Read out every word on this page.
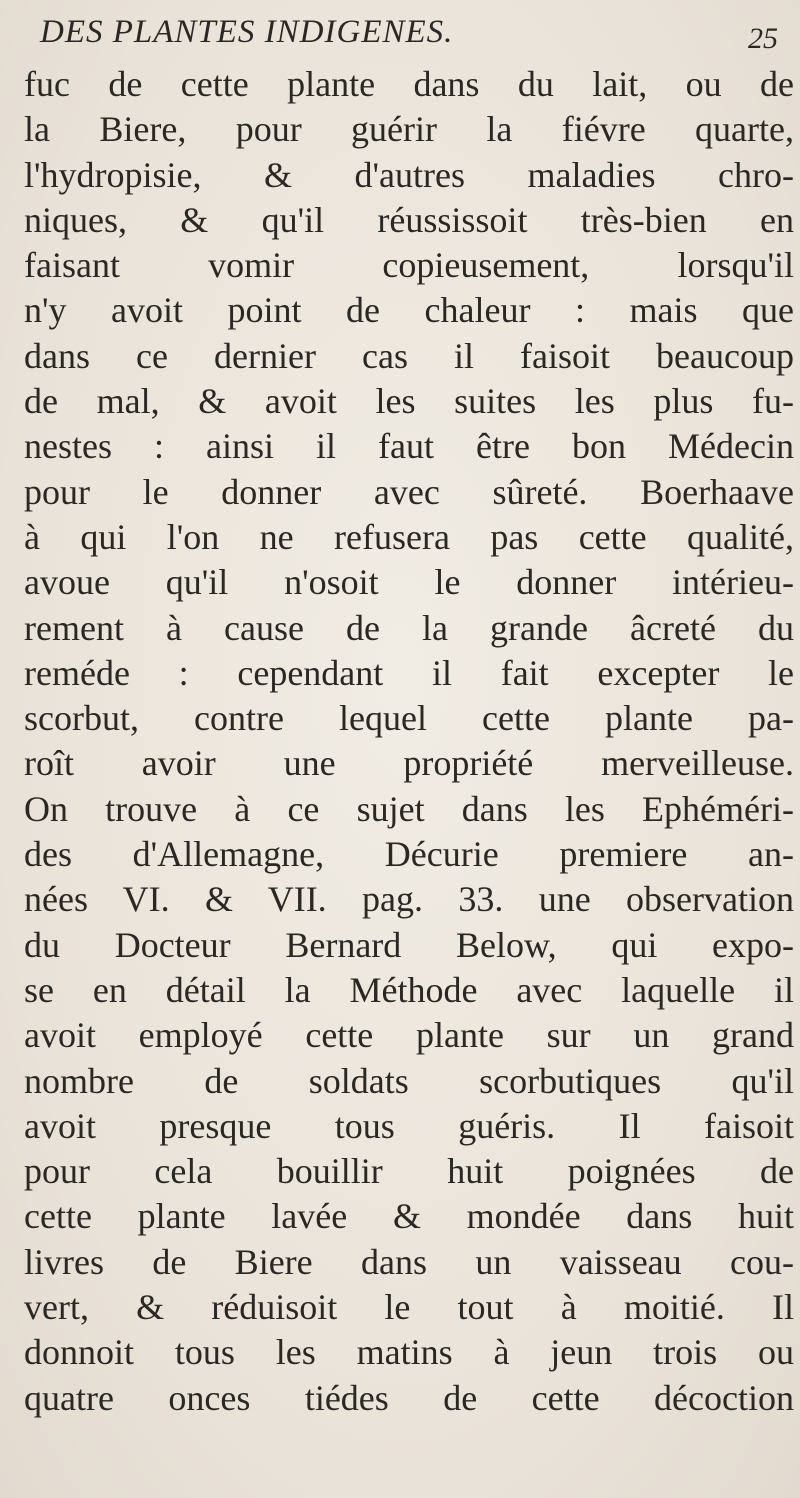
DES PLANTES INDIGENES.	25
fuc de cette plante dans du lait, ou de
la Biere, pour guérir la fiévre quarte,
l'hydropisie, & d'autres maladies chro-
niques, & qu'il réussissoit très-bien en
faisant vomir copieusement, lorsqu'il
n'y avoit point de chaleur : mais que
dans ce dernier cas il faisoit beaucoup
de mal, & avoit les suites les plus fu-
nestes : ainsi il faut être bon Médecin
pour le donner avec sûreté. Boerhaave
à qui l'on ne refusera pas cette qualité,
avoue qu'il n'osoit le donner intérieu-
rement à cause de la grande âcreté du
reméde : cependant il fait excepter le
scorbut, contre lequel cette plante pa-
roît avoir une propriété merveilleuse.
On trouve à ce sujet dans les Ephéméri-
des d'Allemagne, Décurie premiere an-
nées VI. & VII. pag. 33. une observation
du Docteur Bernard Below, qui expo-
se en détail la Méthode avec laquelle il
avoit employé cette plante sur un grand
nombre de soldats scorbutiques qu'il
avoit presque tous guéris. Il faisoit
pour cela bouillir huit poignées de
cette plante lavée & mondée dans huit
livres de Biere dans un vaisseau cou-
vert, & réduisoit le tout à moitié. Il
donnoit tous les matins à jeun trois ou
quatre onces tiédes de cette décoction
